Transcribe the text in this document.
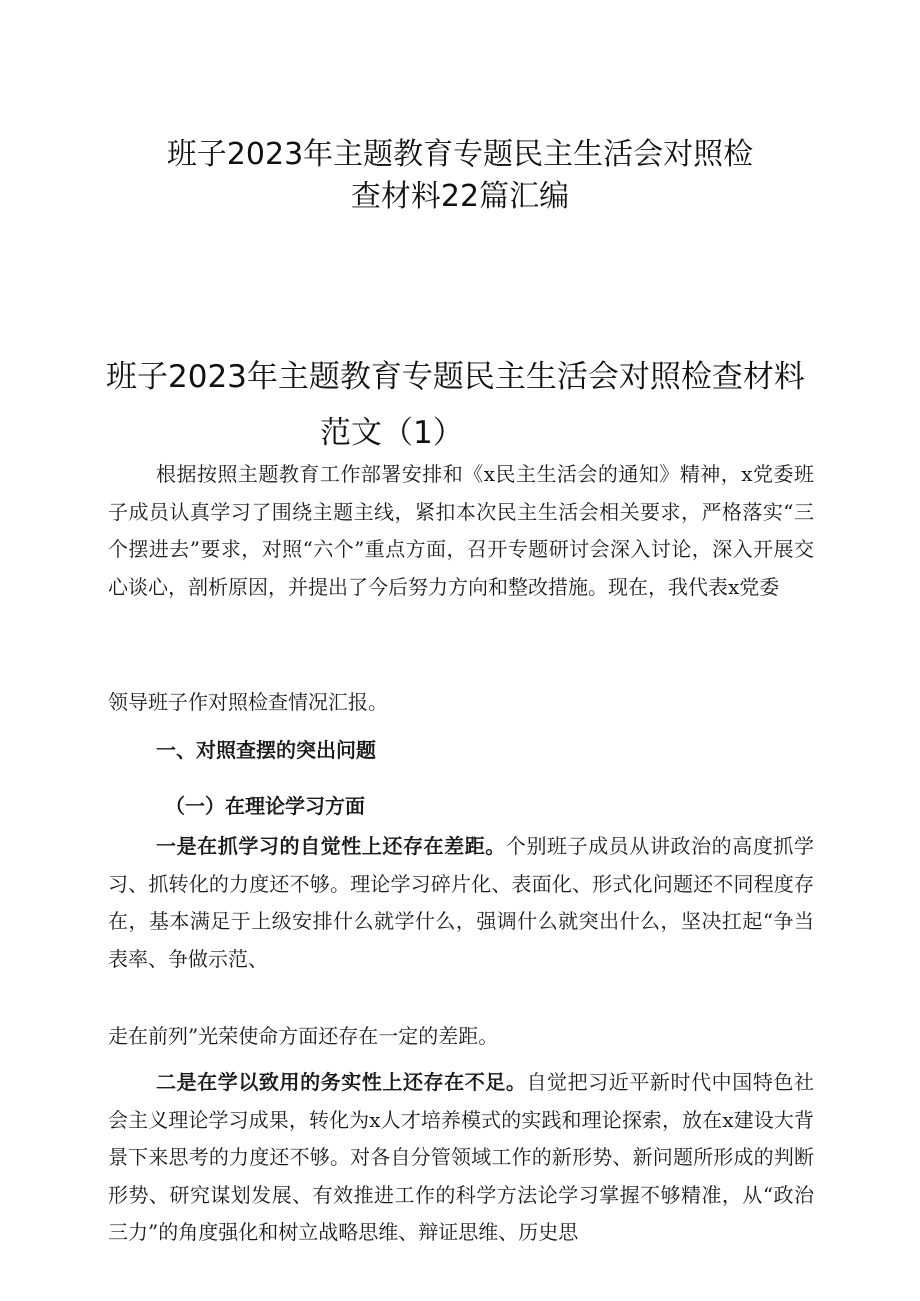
班子2023年主题教育专题民主生活会对照检
查材料22篇汇编
班子2023年主题教育专题民主生活会对照检查材料
范文（1）

根据按照主题教育工作部署安排和《x民主生活会的通知》精神，x党委班子成员认真学习了围绕主题主线，紧扣本次民主生活会相关要求，严格落实“三个摆进去”要求，对照“六个”重点方面，召开专题研讨会深入讨论，深入开展交心谈心，剖析原因，并提出了今后努力方向和整改措施。现在，我代表x党委

领导班子作对照检查情况汇报。

一、对照查摆的突出问题

（一）在理论学习方面

一是在抓学习的自觉性上还存在差距。个别班子成员从讲政治的高度抓学习、抓转化的力度还不够。理论学习碎片化、表面化、形式化问题还不同程度存在，基本满足于上级安排什么就学什么，强调什么就突出什么，坚决扛起“争当表率、争做示范、

走在前列”光荣使命方面还存在一定的差距。

二是在学以致用的务实性上还存在不足。自觉把习近平新时代中国特色社会主义理论学习成果，转化为x人才培养模式的实践和理论探索，放在x建设大背景下来思考的力度还不够。对各自分管领域工作的新形势、新问题所形成的判断形势、研究谋划发展、有效推进工作的科学方法论学习掌握不够精准，从“政治三力”的角度强化和树立战略思维、辩证思维、历史思
